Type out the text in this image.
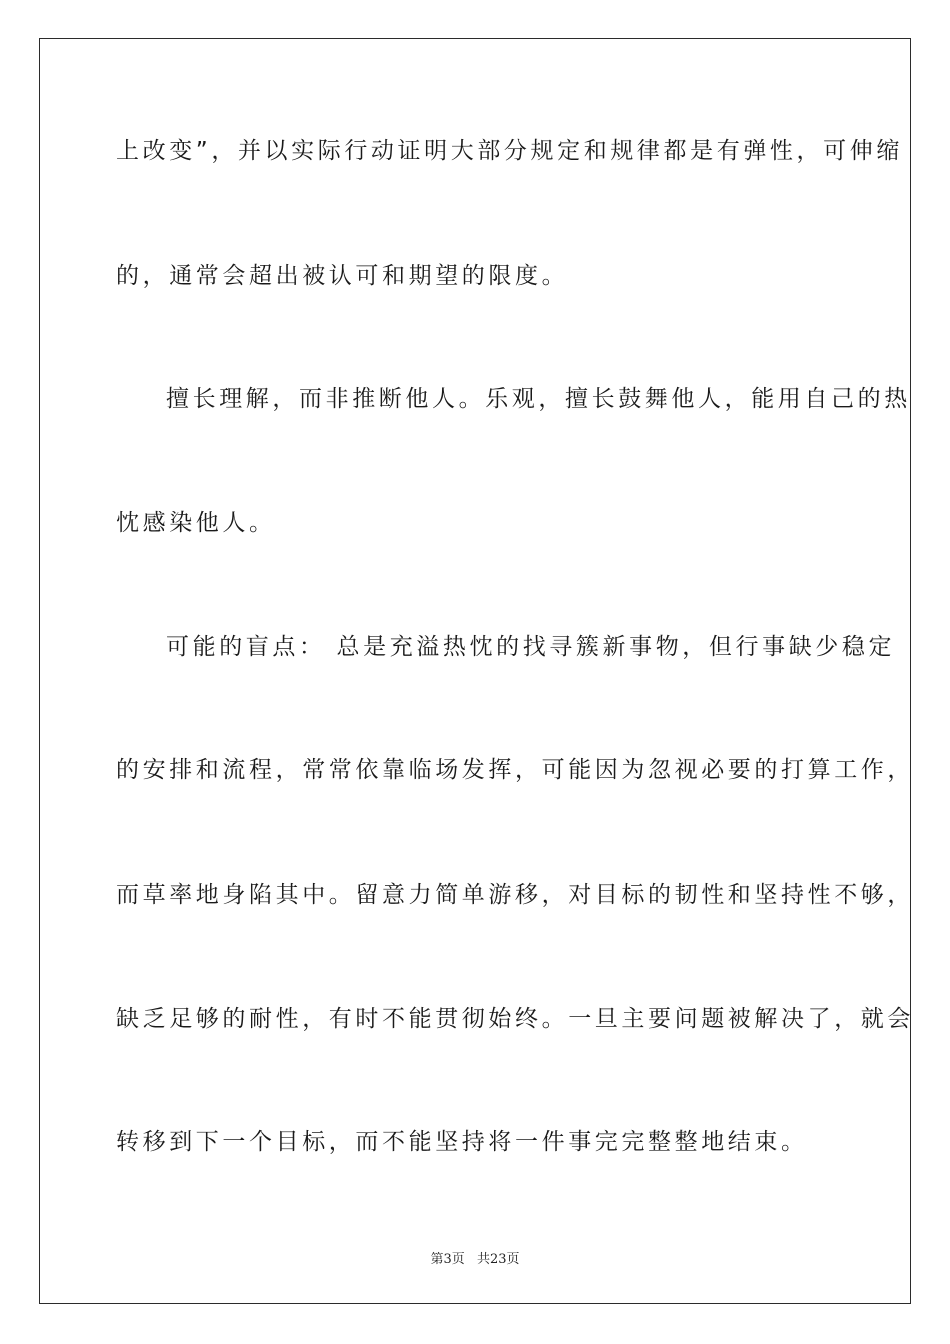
上改变”，并以实际行动证明大部分规定和规律都是有弹性，可伸缩
的，通常会超出被认可和期望的限度。
擅长理解，而非推断他人。乐观，擅长鼓舞他人，能用自己的热
忱感染他人。
可能的盲点： 总是充溢热忱的找寻簇新事物，但行事缺少稳定
的安排和流程，常常依靠临场发挥，可能因为忽视必要的打算工作，
而草率地身陷其中。留意力简单游移，对目标的韧性和坚持性不够，
缺乏足够的耐性，有时不能贯彻始终。一旦主要问题被解决了，就会
转移到下一个目标，而不能坚持将一件事完完整整地结束。
第3页 共23页
